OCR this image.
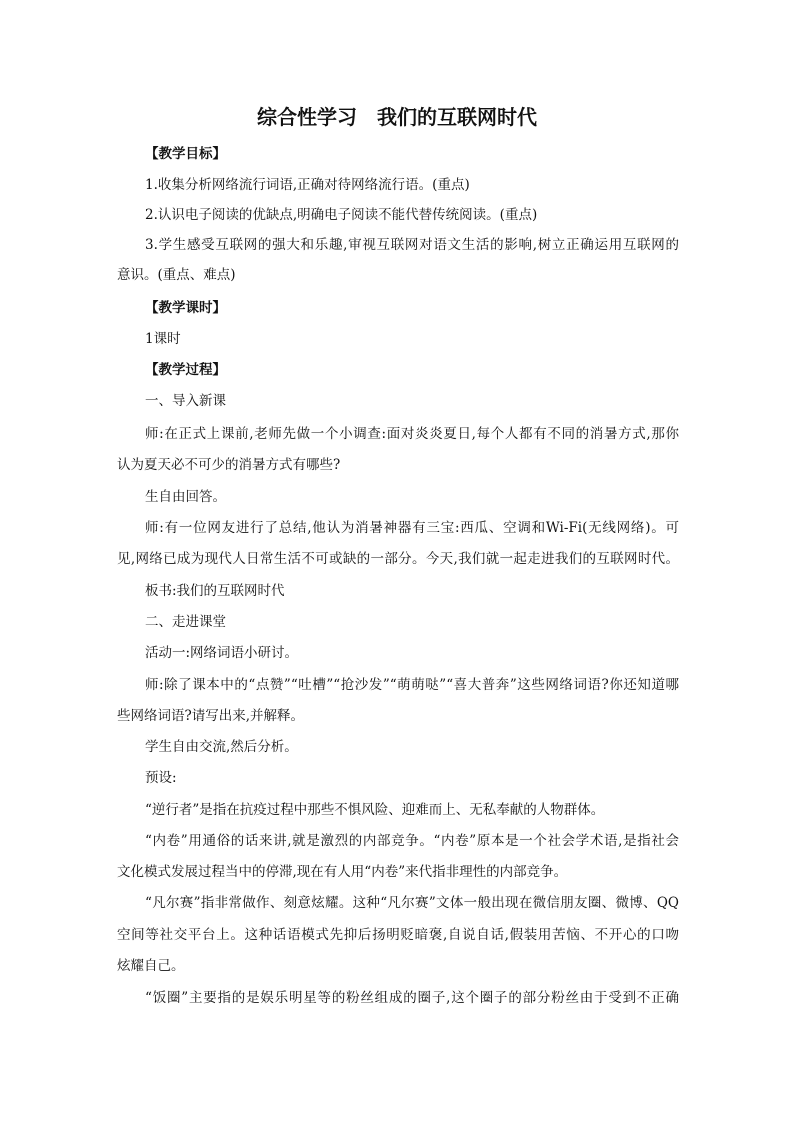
综合性学习　我们的互联网时代
【教学目标】
1.收集分析网络流行词语,正确对待网络流行语。(重点)
2.认识电子阅读的优缺点,明确电子阅读不能代替传统阅读。(重点)
3.学生感受互联网的强大和乐趣,审视互联网对语文生活的影响,树立正确运用互联网的
意识。(重点、难点)
【教学课时】
1课时
【教学过程】
一、导入新课
师:在正式上课前,老师先做一个小调查:面对炎炎夏日,每个人都有不同的消暑方式,那你
认为夏天必不可少的消暑方式有哪些?
生自由回答。
师:有一位网友进行了总结,他认为消暑神器有三宝:西瓜、空调和Wi-Fi(无线网络)。可
见,网络已成为现代人日常生活不可或缺的一部分。今天,我们就一起走进我们的互联网时代。
板书:我们的互联网时代
二、走进课堂
活动一:网络词语小研讨。
师:除了课本中的“点赞”“吐槽”“抢沙发”“萌萌哒”“喜大普奔”这些网络词语?你还知道哪
些网络词语?请写出来,并解释。
学生自由交流,然后分析。
预设:
“逆行者”是指在抗疫过程中那些不惧风险、迎难而上、无私奉献的人物群体。
“内卷”用通俗的话来讲,就是激烈的内部竞争。“内卷”原本是一个社会学术语,是指社会
文化模式发展过程当中的停滞,现在有人用“内卷”来代指非理性的内部竞争。
“凡尔赛”指非常做作、刻意炫耀。这种“凡尔赛”文体一般出现在微信朋友圈、微博、QQ
空间等社交平台上。这种话语模式先抑后扬明贬暗褒,自说自话,假装用苦恼、不开心的口吻
炫耀自己。
“饭圈”主要指的是娱乐明星等的粉丝组成的圈子,这个圈子的部分粉丝由于受到不正确
